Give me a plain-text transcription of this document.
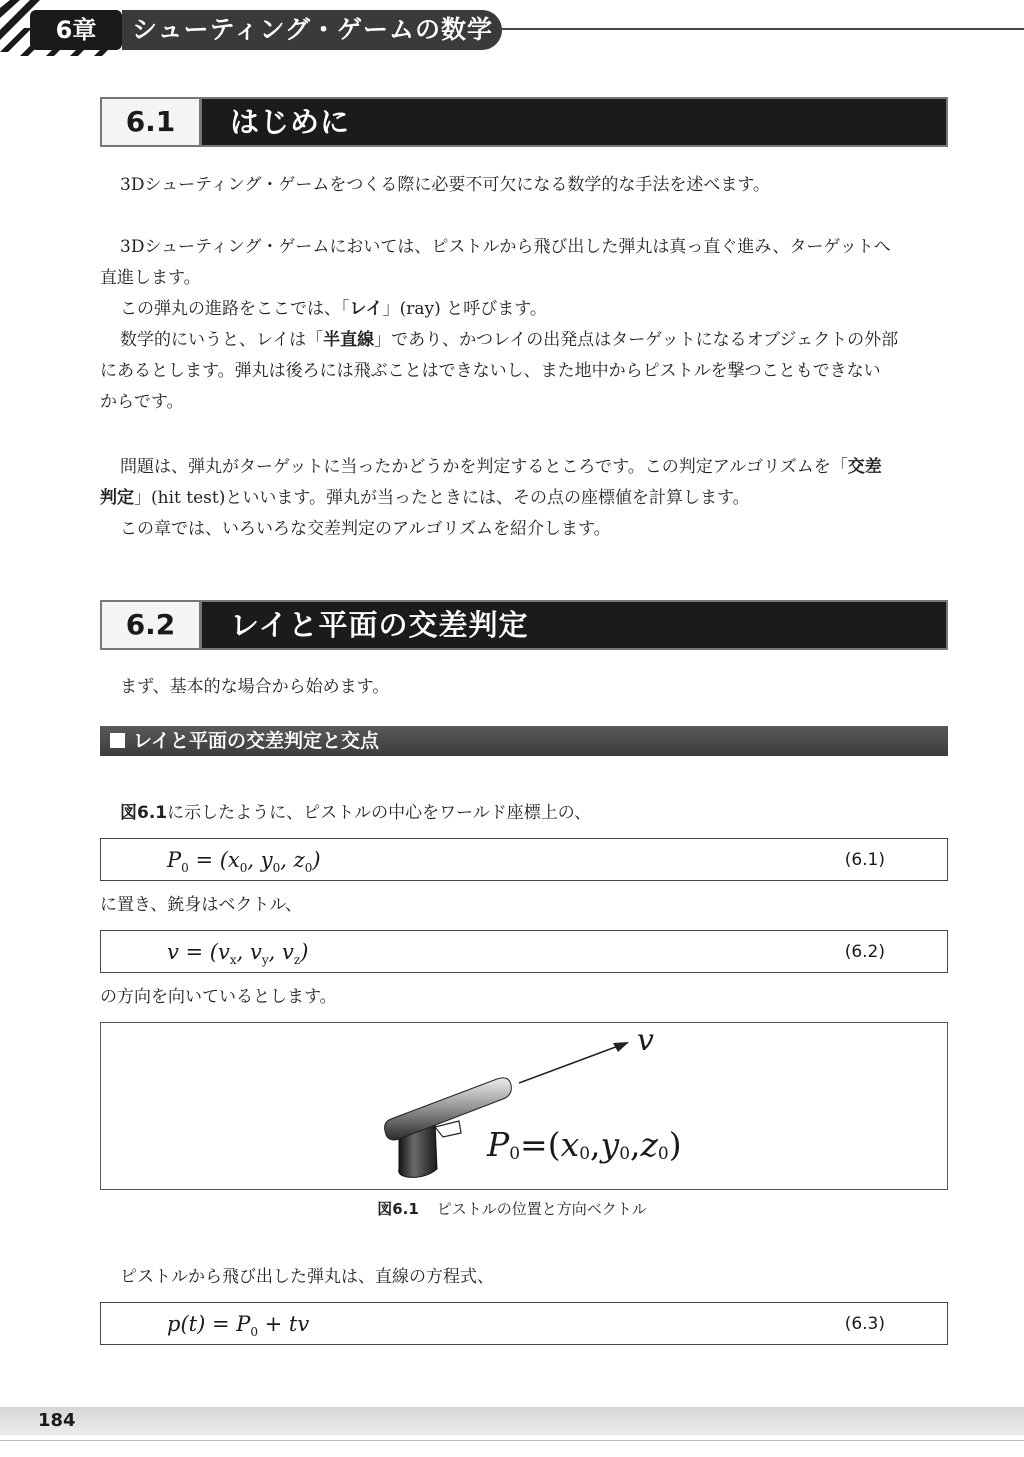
6章	シューティング・ゲームの数学
6.1	はじめに
3Dシューティング・ゲームをつくる際に必要不可欠になる数学的な手法を述べます。
3Dシューティング・ゲームにおいては、ピストルから飛び出した弾丸は真っ直ぐ進み、ターゲットへ
直進します。
この弾丸の進路をここでは、「レイ」(ray) と呼びます。
数学的にいうと、レイは「半直線」であり、かつレイの出発点はターゲットになるオブジェクトの外部
にあるとします。弾丸は後ろには飛ぶことはできないし、また地中からピストルを撃つこともできない
からです。
問題は、弾丸がターゲットに当ったかどうかを判定するところです。この判定アルゴリズムを「交差
判定」(hit test)といいます。弾丸が当ったときには、その点の座標値を計算します。
この章では、いろいろな交差判定のアルゴリズムを紹介します。
6.2	レイと平面の交差判定
まず、基本的な場合から始めます。
レイと平面の交差判定と交点
図6.1に示したように、ピストルの中心をワールド座標上の、
$P_0 = (x_0$, $y_0$, $z_0$)	(6.1)
に置き、銃身はベクトル、
$v = (v_x$, $v_y$, $v_z$)	(6.2)
の方向を向いているとします。
v
$P_0=(x_0,y_0,z_0)$
図6.1 ピストルの位置と方向ベクトル
ピストルから飛び出した弾丸は、直線の方程式、
$p(t) = P_0$ + tv	(6.3)
184
